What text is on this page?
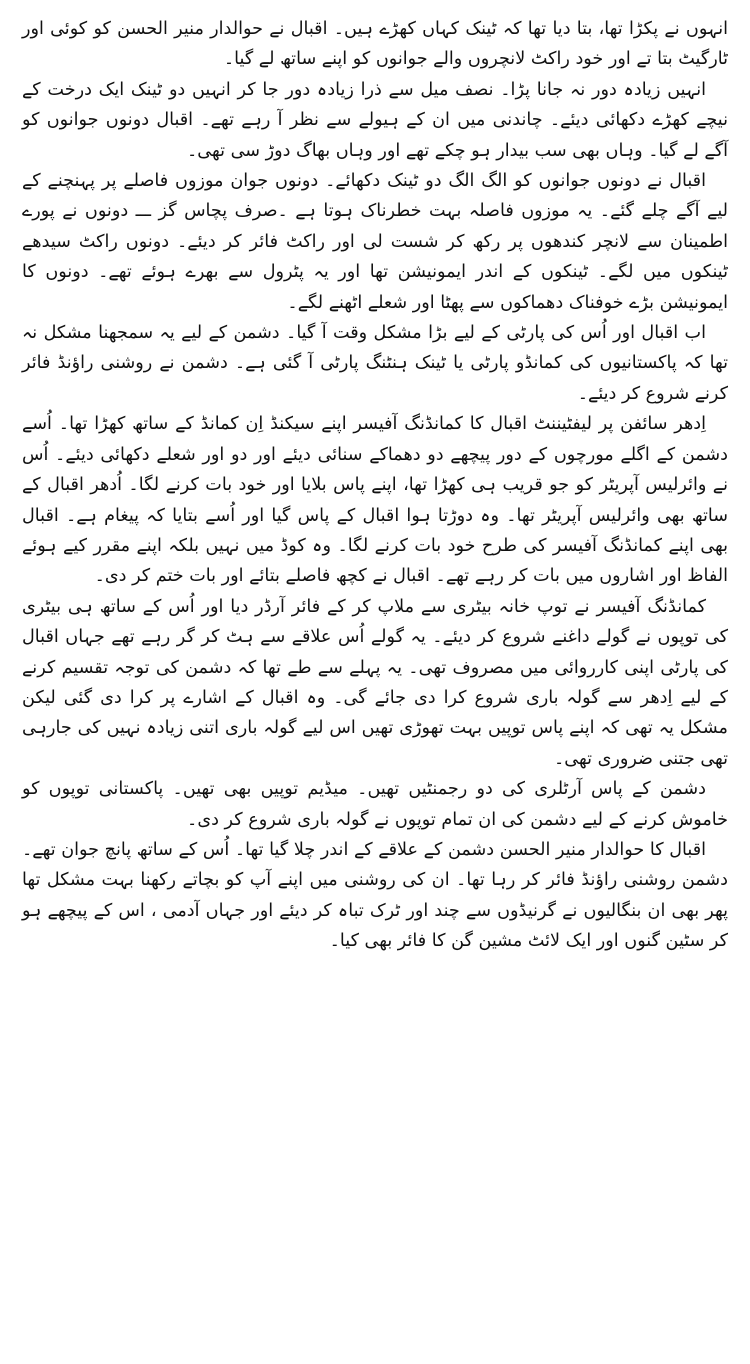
انہوں نے پکڑا تھا، بتا دیا تھا کہ ٹینک کہاں کھڑے ہیں۔ اقبال نے حوالدار منیر الحسن کو کوئی اور ٹارگیٹ بتا تے اور خود راکٹ لانچروں والے جوانوں کو اپنے ساتھ لے گیا۔

انہیں زیادہ دور نہ جانا پڑا۔ نصف میل سے ذرا زیادہ دور جا کر انہیں دو ٹینک ایک درخت کے نیچے کھڑے دکھائی دیئے۔ چاندنی میں ان کے ہیولے سے نظر آ رہے تھے۔ اقبال دونوں جوانوں کو آگے لے گیا۔ وہاں بھی سب بیدار ہو چکے تھے اور وہاں بھاگ دوڑ سی تھی۔

اقبال نے دونوں جوانوں کو الگ الگ دو ٹینک دکھائے۔ دونوں جوان موزوں فاصلے پر پہنچنے کے لیے آگے چلے گئے۔ یہ موزوں فاصلہ بہت خطرناک ہوتا ہے ۔صرف پچاس گز ـــ دونوں نے پورے اطمینان سے لانچر کندھوں پر رکھ کر شست لی اور راکٹ فائر کر دیئے۔ دونوں راکٹ سیدھے ٹینکوں میں لگے۔ ٹینکوں کے اندر ایمونیشن تھا اور یہ پٹرول سے بھرے ہوئے تھے۔ دونوں کا ایمونیشن بڑے خوفناک دھماکوں سے پھٹا اور شعلے اٹھنے لگے۔

اب اقبال اور اُس کی پارٹی کے لیے بڑا مشکل وقت آ گیا۔ دشمن کے لیے یہ سمجھنا مشکل نہ تھا کہ پاکستانیوں کی کمانڈو پارٹی یا ٹینک ہنٹنگ پارٹی آ گئی ہے۔ دشمن نے روشنی راؤنڈ فائر کرنے شروع کر دیئے۔

اِدھر سائفن پر لیفٹیننٹ اقبال کا کمانڈنگ آفیسر اپنے سیکنڈ اِن کمانڈ کے ساتھ کھڑا تھا۔ اُسے دشمن کے اگلے مورچوں کے دور پیچھے دو دھماکے سنائی دیئے اور دو اور شعلے دکھائی دیئے۔ اُس نے وائرلیس آپریٹر کو جو قریب ہی کھڑا تھا، اپنے پاس بلایا اور خود بات کرنے لگا۔ اُدھر اقبال کے ساتھ بھی وائرلیس آپریٹر تھا۔ وہ دوڑتا ہوا اقبال کے پاس گیا اور اُسے بتایا کہ پیغام ہے۔ اقبال بھی اپنے کمانڈنگ آفیسر کی طرح خود بات کرنے لگا۔ وہ کوڈ میں نہیں بلکہ اپنے مقرر کیے ہوئے الفاظ اور اشاروں میں بات کر رہے تھے۔ اقبال نے کچھ فاصلے بتائے اور بات ختم کر دی۔

کمانڈنگ آفیسر نے توپ خانہ بیٹری سے ملاپ کر کے فائر آرڈر دیا اور اُس کے ساتھ ہی بیٹری کی توپوں نے گولے داغنے شروع کر دیئے۔ یہ گولے اُس علاقے سے ہٹ کر گر رہے تھے جہاں اقبال کی پارٹی اپنی کارروائی میں مصروف تھی۔ یہ پہلے سے طے تھا کہ دشمن کی توجہ تقسیم کرنے کے لیے اِدھر سے گولہ باری شروع کرا دی جائے گی۔ وہ اقبال کے اشارے پر کرا دی گئی لیکن مشکل یہ تھی کہ اپنے پاس توپیں بہت تھوڑی تھیں اس لیے گولہ باری اتنی زیادہ نہیں کی جارہی تھی جتنی ضروری تھی۔

دشمن کے پاس آرٹلری کی دو رجمنٹیں تھیں۔ میڈیم توپیں بھی تھیں۔ پاکستانی توپوں کو خاموش کرنے کے لیے دشمن کی ان تمام توپوں نے گولہ باری شروع کر دی۔

اقبال کا حوالدار منیر الحسن دشمن کے علاقے کے اندر چلا گیا تھا۔ اُس کے ساتھ پانچ جوان تھے۔ دشمن روشنی راؤنڈ فائر کر رہا تھا۔ ان کی روشنی میں اپنے آپ کو بچاتے رکھنا بہت مشکل تھا پھر بھی ان بنگالیوں نے گرنیڈوں سے چند اور ٹرک تباہ کر دیئے اور جہاں آدمی ، اس کے پیچھے ہو کر سٹین گنوں اور ایک لائٹ مشین گن کا فائر بھی کیا۔
